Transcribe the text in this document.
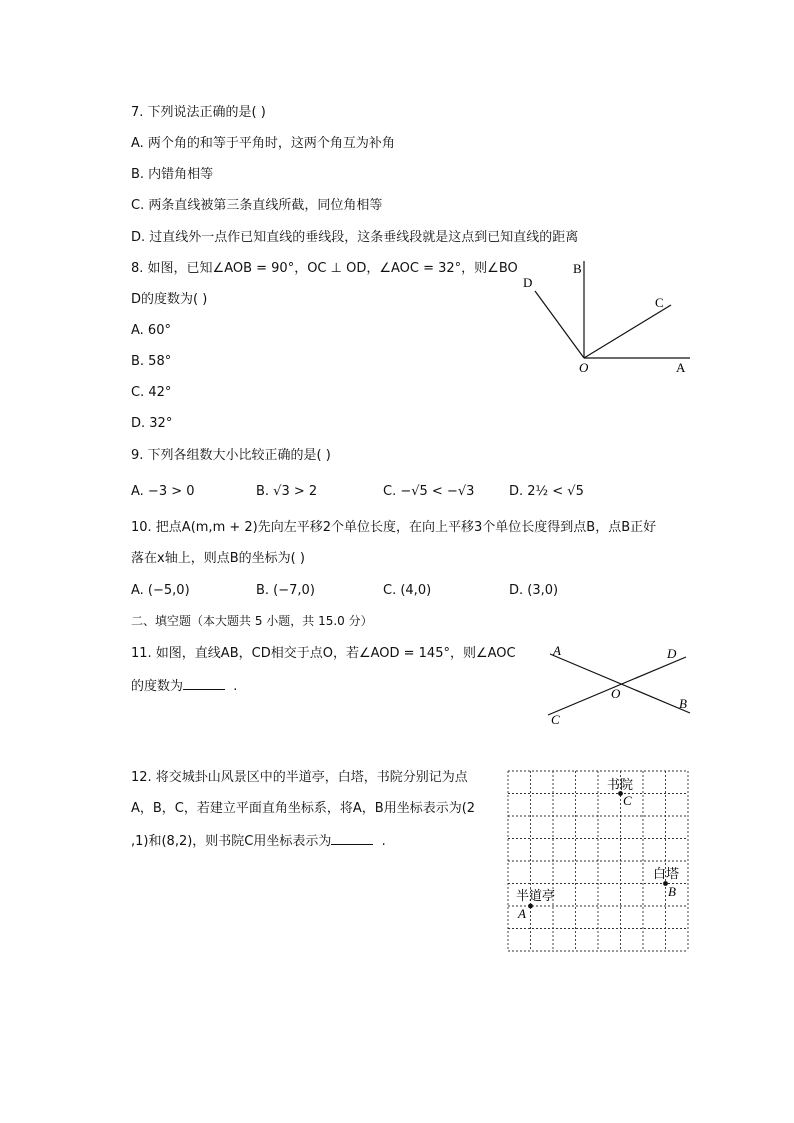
7. 下列说法正确的是( )
A. 两个角的和等于平角时，这两个角互为补角
B. 内错角相等
C. 两条直线被第三条直线所截，同位角相等
D. 过直线外一点作已知直线的垂线段，这条垂线段就是这点到已知直线的距离
8. 如图，已知∠AOB = 90°，OC ⊥ OD，∠AOC = 32°，则∠BO
D的度数为( )
A. 60°
B. 58°
C. 42°
D. 32°
B
D
C
O	A
9. 下列各组数大小比较正确的是( )
A. −3 > 0	B. √3 > 2	C. −√5 < −√3	D. 2½ < √5
10. 把点A(m,m + 2)先向左平移2个单位长度，在向上平移3个单位长度得到点B，点B正好
落在x轴上，则点B的坐标为( )
A. (−5,0)	B. (−7,0)	C. (4,0)	D. (3,0)
二、填空题（本大题共 5 小题，共 15.0 分）
11. 如图，直线AB，CD相交于点O，若∠AOD = 145°，则∠AOC
的度数为	.
A	D
O
B
C
12. 将交城卦山风景区中的半道亭，白塔，书院分别记为点
A，B，C，若建立平面直角坐标系，将A，B用坐标表示为(2
,1)和(8,2)，则书院C用坐标表示为	.
书院
C
白塔
B
半道亭
A
